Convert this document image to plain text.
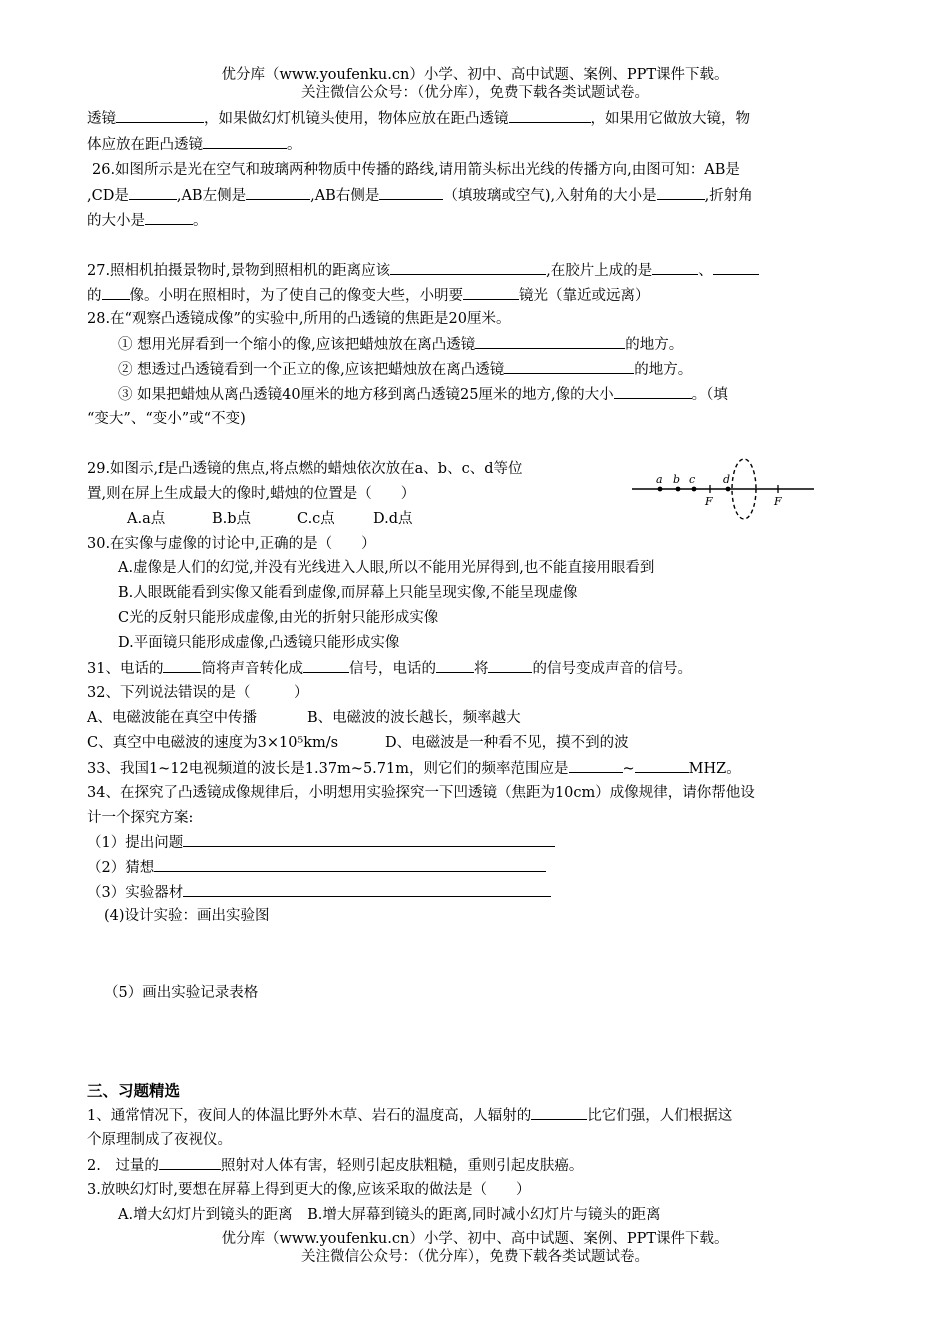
优分库（www.youfenku.cn）小学、初中、高中试题、案例、PPT课件下载。
关注微信公众号：（优分库），免费下载各类试题试卷。
透镜	，如果做幻灯机镜头使用，物体应放在距凸透镜	，如果用它做放大镜，物
体应放在距凸透镜	。
26.如图所示是光在空气和玻璃两种物质中传播的路线,请用箭头标出光线的传播方向,由图可知：AB是
,CD是	,AB左侧是	,AB右侧是	（填玻璃或空气),入射角的大小是	,折射角
的大小是	。
27.照相机拍摄景物时,景物到照相机的距离应该	,在胶片上成的是	、
的 像。小明在照相时，为了使自己的像变大些，小明要	镜光（靠近或远离）
28.在“观察凸透镜成像”的实验中,所用的凸透镜的焦距是20厘米。
① 想用光屏看到一个缩小的像,应该把蜡烛放在离凸透镜	的地方。
② 想透过凸透镜看到一个正立的像,应该把蜡烛放在离凸透镜	的地方。
③ 如果把蜡烛从离凸透镜40厘米的地方移到离凸透镜25厘米的地方,像的大小	。（填
“变大”、“变小”或“不变)
29.如图示,f是凸透镜的焦点,将点燃的蜡烛依次放在a、b、c、d等位
置,则在屏上生成最大的像时,蜡烛的位置是（　　）
A.a点	B.b点	C.c点	D.d点
a b c	d
F	F
30.在实像与虚像的讨论中,正确的是（　　）
A.虚像是人们的幻觉,并没有光线进入人眼,所以不能用光屏得到,也不能直接用眼看到
B.人眼既能看到实像又能看到虚像,而屏幕上只能呈现实像,不能呈现虚像
C光的反射只能形成虚像,由光的折射只能形成实像
D.平面镜只能形成虚像,凸透镜只能形成实像
31、电话的	筒将声音转化成	信号，电话的	将	的信号变成声音的信号。
32、下列说法错误的是（　　　）
A、电磁波能在真空中传播	B、电磁波的波长越长，频率越大
C、真空中电磁波的速度为3×10⁵km/s	D、电磁波是一种看不见，摸不到的波
33、我国1~12电视频道的波长是1.37m~5.71m，则它们的频率范围应是	~	MHZ。
34、在探究了凸透镜成像规律后，小明想用实验探究一下凹透镜（焦距为10cm）成像规律，请你帮他设
计一个探究方案:
（1）提出问题
（2）猜想
（3）实验器材
(4)设计实验：画出实验图
（5）画出实验记录表格
三、习题精选
1、通常情况下，夜间人的体温比野外木草、岩石的温度高，人辐射的	比它们强，人们根据这
个原理制成了夜视仪。
2.　过量的	照射对人体有害，轻则引起皮肤粗糙，重则引起皮肤癌。
3.放映幻灯时,要想在屏幕上得到更大的像,应该采取的做法是（　　）
A.增大幻灯片到镜头的距离　B.增大屏幕到镜头的距离,同时减小幻灯片与镜头的距离
优分库（www.youfenku.cn）小学、初中、高中试题、案例、PPT课件下载。
关注微信公众号：（优分库），免费下载各类试题试卷。
